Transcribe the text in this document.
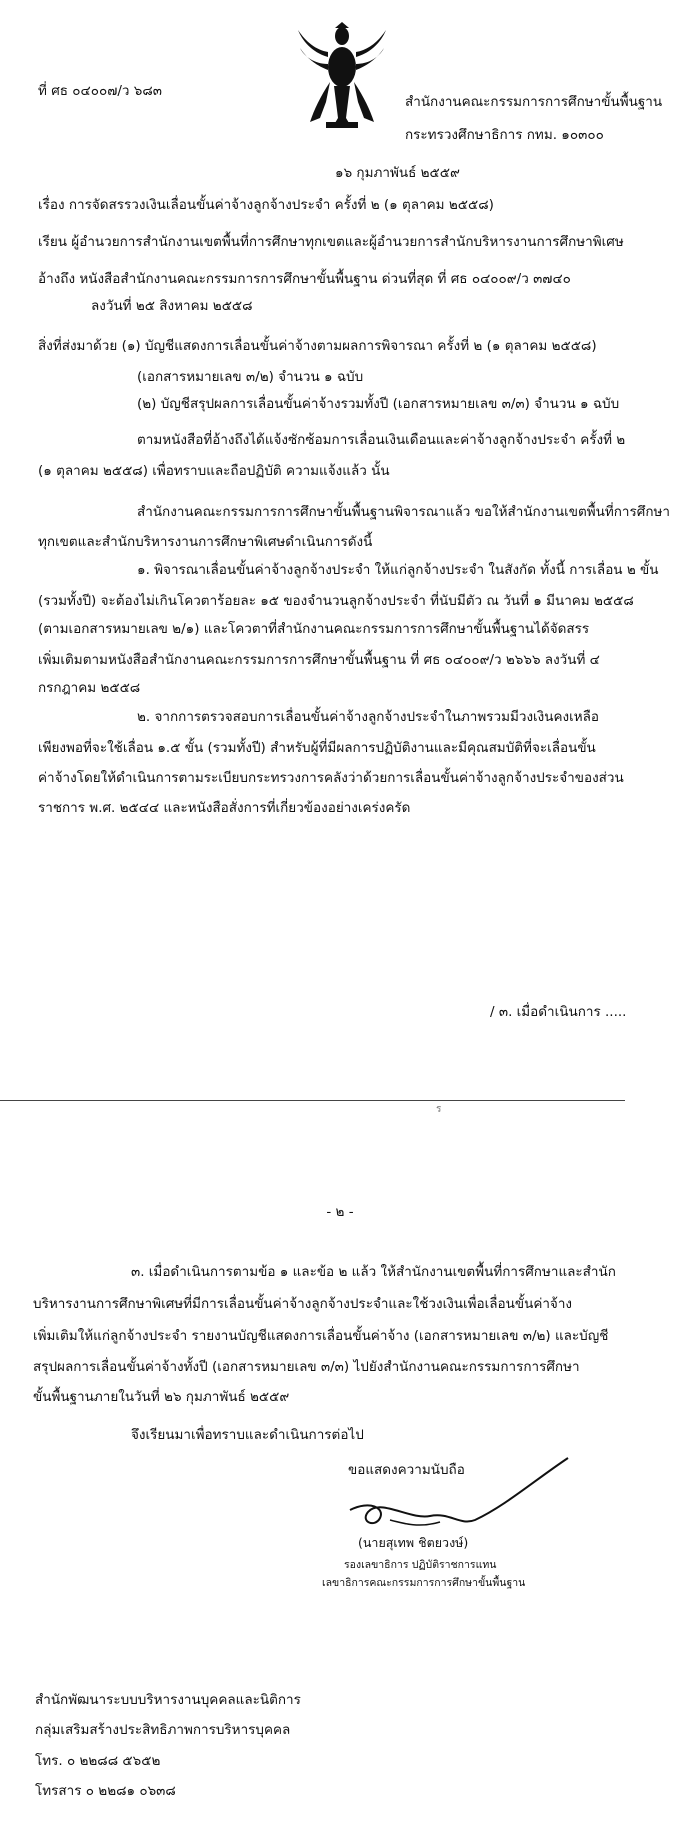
ที่ ศธ ๐๔๐๐๗/ว ๖๘๓
สำนักงานคณะกรรมการการศึกษาขั้นพื้นฐาน
กระทรวงศึกษาธิการ กทม. ๑๐๓๐๐
๑๖ กุมภาพันธ์ ๒๕๕๙
เรื่อง การจัดสรรวงเงินเลื่อนขั้นค่าจ้างลูกจ้างประจำ ครั้งที่ ๒ (๑ ตุลาคม ๒๕๕๘)
เรียน ผู้อำนวยการสำนักงานเขตพื้นที่การศึกษาทุกเขตและผู้อำนวยการสำนักบริหารงานการศึกษาพิเศษ
อ้างถึง หนังสือสำนักงานคณะกรรมการการศึกษาขั้นพื้นฐาน ด่วนที่สุด ที่ ศธ ๐๔๐๐๙/ว ๓๗๔๐
ลงวันที่ ๒๕ สิงหาคม ๒๕๕๘
สิ่งที่ส่งมาด้วย (๑) บัญชีแสดงการเลื่อนขั้นค่าจ้างตามผลการพิจารณา ครั้งที่ ๒ (๑ ตุลาคม ๒๕๕๘)
(เอกสารหมายเลข ๓/๒) จำนวน ๑ ฉบับ
(๒) บัญชีสรุปผลการเลื่อนขั้นค่าจ้างรวมทั้งปี (เอกสารหมายเลข ๓/๓) จำนวน ๑ ฉบับ
ตามหนังสือที่อ้างถึงได้แจ้งซักซ้อมการเลื่อนเงินเดือนและค่าจ้างลูกจ้างประจำ ครั้งที่ ๒
(๑ ตุลาคม ๒๕๕๘) เพื่อทราบและถือปฏิบัติ ความแจ้งแล้ว นั้น
สำนักงานคณะกรรมการการศึกษาขั้นพื้นฐานพิจารณาแล้ว ขอให้สำนักงานเขตพื้นที่การศึกษา
ทุกเขตและสำนักบริหารงานการศึกษาพิเศษดำเนินการดังนี้
๑. พิจารณาเลื่อนขั้นค่าจ้างลูกจ้างประจำ ให้แก่ลูกจ้างประจำ ในสังกัด ทั้งนี้ การเลื่อน ๒ ขั้น
(รวมทั้งปี) จะต้องไม่เกินโควตาร้อยละ ๑๕ ของจำนวนลูกจ้างประจำ ที่นับมีตัว ณ วันที่ ๑ มีนาคม ๒๕๕๘
(ตามเอกสารหมายเลข ๒/๑) และโควตาที่สำนักงานคณะกรรมการการศึกษาขั้นพื้นฐานได้จัดสรร
เพิ่มเติมตามหนังสือสำนักงานคณะกรรมการการศึกษาขั้นพื้นฐาน ที่ ศธ ๐๔๐๐๙/ว ๒๖๖๖ ลงวันที่ ๔
กรกฎาคม ๒๕๕๘
๒. จากการตรวจสอบการเลื่อนขั้นค่าจ้างลูกจ้างประจำในภาพรวมมีวงเงินคงเหลือ
เพียงพอที่จะใช้เลื่อน ๑.๕ ขั้น (รวมทั้งปี) สำหรับผู้ที่มีผลการปฏิบัติงานและมีคุณสมบัติที่จะเลื่อนขั้น
ค่าจ้างโดยให้ดำเนินการตามระเบียบกระทรวงการคลังว่าด้วยการเลื่อนขั้นค่าจ้างลูกจ้างประจำของส่วน
ราชการ พ.ศ. ๒๕๔๔ และหนังสือสั่งการที่เกี่ยวข้องอย่างเคร่งครัด
/ ๓. เมื่อดำเนินการ .....
ร
- ๒ -
๓. เมื่อดำเนินการตามข้อ ๑ และข้อ ๒ แล้ว ให้สำนักงานเขตพื้นที่การศึกษาและสำนัก
บริหารงานการศึกษาพิเศษที่มีการเลื่อนขั้นค่าจ้างลูกจ้างประจำและใช้วงเงินเพื่อเลื่อนขั้นค่าจ้าง
เพิ่มเติมให้แก่ลูกจ้างประจำ รายงานบัญชีแสดงการเลื่อนขั้นค่าจ้าง (เอกสารหมายเลข ๓/๒) และบัญชี
สรุปผลการเลื่อนขั้นค่าจ้างทั้งปี (เอกสารหมายเลข ๓/๓) ไปยังสำนักงานคณะกรรมการการศึกษา
ขั้นพื้นฐานภายในวันที่ ๒๖ กุมภาพันธ์ ๒๕๕๙
จึงเรียนมาเพื่อทราบและดำเนินการต่อไป
ขอแสดงความนับถือ
(นายสุเทพ ชิตยวงษ์)
รองเลขาธิการ ปฏิบัติราชการแทน
เลขาธิการคณะกรรมการการศึกษาขั้นพื้นฐาน
สำนักพัฒนาระบบบริหารงานบุคคลและนิติการ
กลุ่มเสริมสร้างประสิทธิภาพการบริหารบุคคล
โทร. ๐ ๒๒๘๘ ๕๖๕๒
โทรสาร ๐ ๒๒๘๑ ๐๖๓๘
